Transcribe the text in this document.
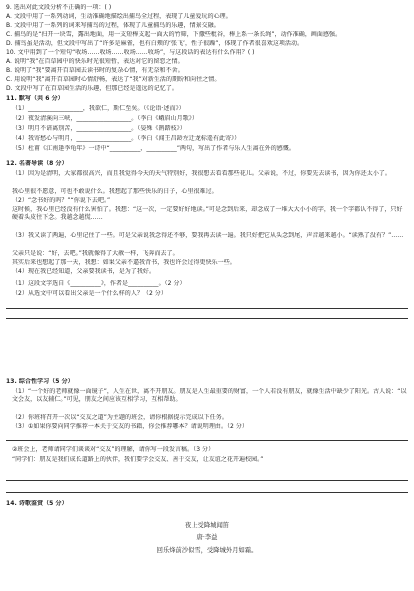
9. 选出对此文段分析不正确的一项：( )
A. 文段中用了一系列动词，生动准确地描绘出捕鸟全过程，表现了儿童爱玩的心理。
B. 文段中用了一系列的词来写捕鸟的过程，体现了儿童捕鸟的乐趣，情景交融。
C. 捕鸟的是“扫开一块雪，露出地面，用一支短棒支起一面大的竹筛，下撒些秕谷，棒上系一条长绳”，动作准确，画面感强。
D. 捕鸟虽是活动，但文段中写出了“许多是麻雀，也有白颊的‘张飞’，性子很躁”，体现了作者很喜欢这项活动。
10. 文中用到了一个短句“收场……收场……收场……收场”，与这段话的表达有什么作用？( )
A. 说明“我”在百草园中的快乐时光很短暂，表达对它的留恋之情。
B. 说明了“我”要离开百草园去读书时的复杂心情，有无奈和不舍。
C. 用说明“我”离开百草园时心情舒畅，表达了“我”对新生活的期盼和向往之情。
D. 文段中写了在百草园生活的乐趣，但那已经是遥远的记忆了。
11. 默写（共 6 分）
（1）__________________，我欲仁，斯仁至矣。（《论语·述而》）
（2）夜发清溪向三峡，__________________。（李白《峨眉山月歌》）
（3）明月不谙离别苦，__________________。（晏殊《鹊踏枝》）
（4）我寄愁心与明月，__________________。（李白《闻王昌龄左迁龙标遥有此寄》）
（5）杜甫《江南逢李龟年》一诗中“__________，__________”两句，写出了作者与乐人生离在外的感慨。
12. 名著导读（8 分）
（1）因为是清明，大家都很高兴，而且我觉得今天的天气特别好，我很想去看看那些花儿。父亲说，不过，你要先去读书，因为你还太小了。
我心里很不愿意，可也不敢说什么。我想起了那些快乐的日子，心里很难过。
（2）“念书好的吗？”“你说下去吧。”
这时候，我心里已经没有什么害怕了。我想：“这一次，一定要好好地读。”可是念到后来，却念成了一堆大大小小的字，我一个字都认不得了，只好硬着头皮往下念。我越念越慌……
（3）我又读了两遍，心里记住了一些。可是父亲说我念得还不够，要我再去读一遍。我只好把它从头念到尾，声音越来越小。“读熟了没有？”……
父亲只是说：“好，去吧。”我就像得了大赦一样，飞奔而去了。
其实后来也想起了那一天，我想：如果父亲不逼我背书，我也许会过得更快乐一些。
（4）现在我已经知道，父亲要我读书，是为了我好。
（1）这段文字选自《__________》，作者是__________。（2 分）
（2）从选文中可以看出父亲是一个什么样的人？（2 分）
13. 综合性学习（5 分）
（1）“一个好的老师就像一面镜子”，人生在世，离不开朋友。朋友是人生最重要的财富，一个人若没有朋友，就像生活中缺少了阳光。古人说：“以文会友，以友辅仁。”可见，朋友之间应该互相学习，互相帮助。
（2）你班将召开一次以“交友之道”为主题的班会，请你根据提示完成以下任务。
（3）①如果你要向同学推荐一本关于交友的书籍，你会推荐哪本？请说明理由。（2 分）
②班会上，老师请同学们谈谈对“交友”的理解，请你写一段发言稿。（3 分）
“同学们：朋友是我们成长道路上的伙伴，我们要学会交友、善于交友，让友谊之花开遍校园。”
14. 诗歌鉴赏（5 分）
夜上受降城闻笛
唐·李益
回乐烽前沙似雪，受降城外月如霜。
